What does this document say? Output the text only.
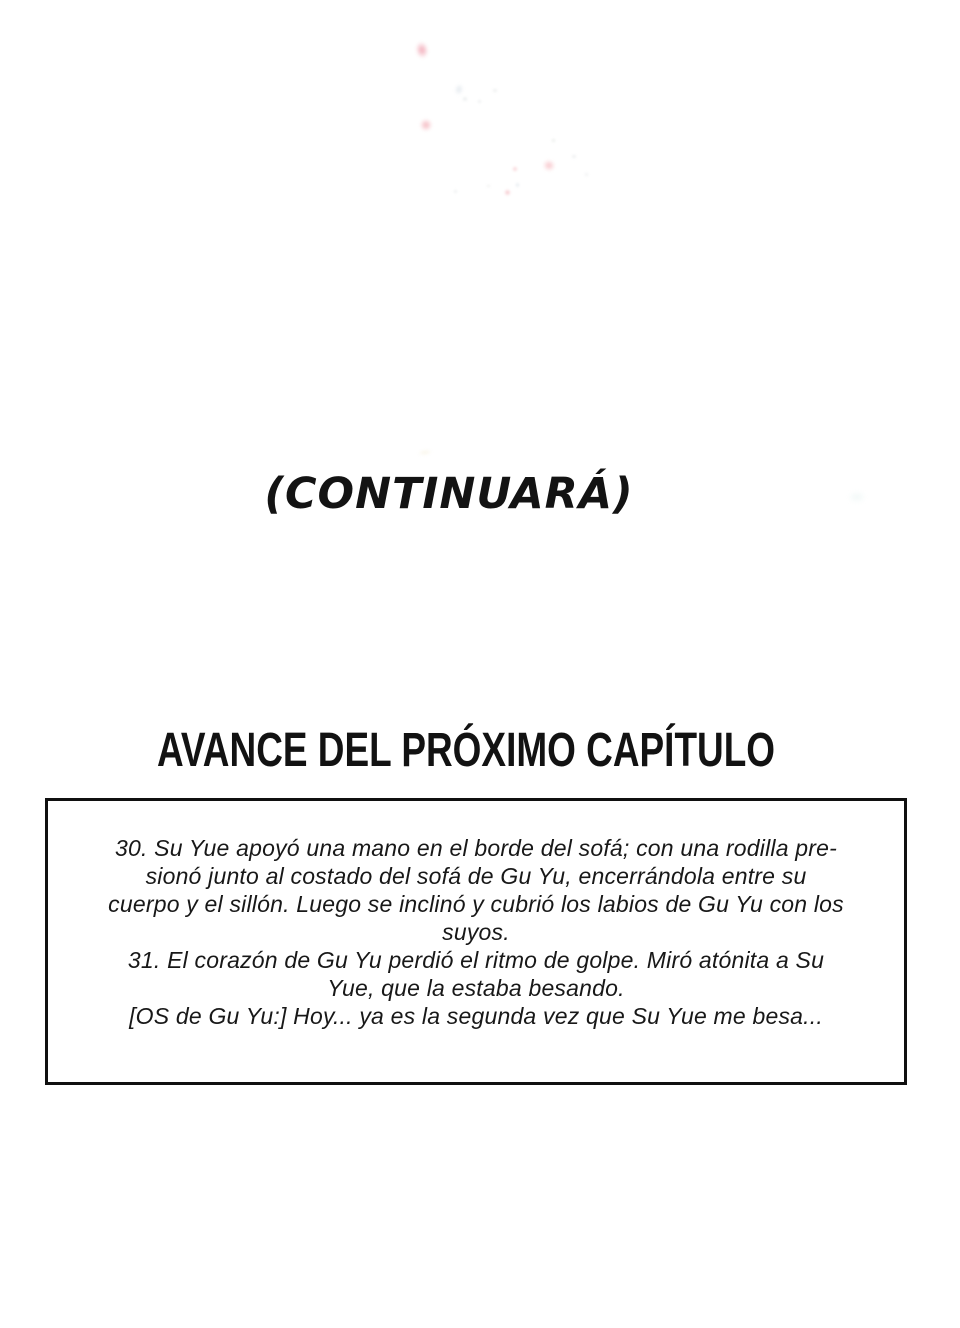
(CONTINUARÁ)
AVANCE DEL PRÓXIMO CAPÍTULO
30. Su Yue apoyó una mano en el borde del sofá; con una rodilla pre-
sionó junto al costado del sofá de Gu Yu, encerrándola entre su
cuerpo y el sillón. Luego se inclinó y cubrió los labios de Gu Yu con los
suyos.
31. El corazón de Gu Yu perdió el ritmo de golpe. Miró atónita a Su
Yue, que la estaba besando.
[OS de Gu Yu:] Hoy... ya es la segunda vez que Su Yue me besa...
